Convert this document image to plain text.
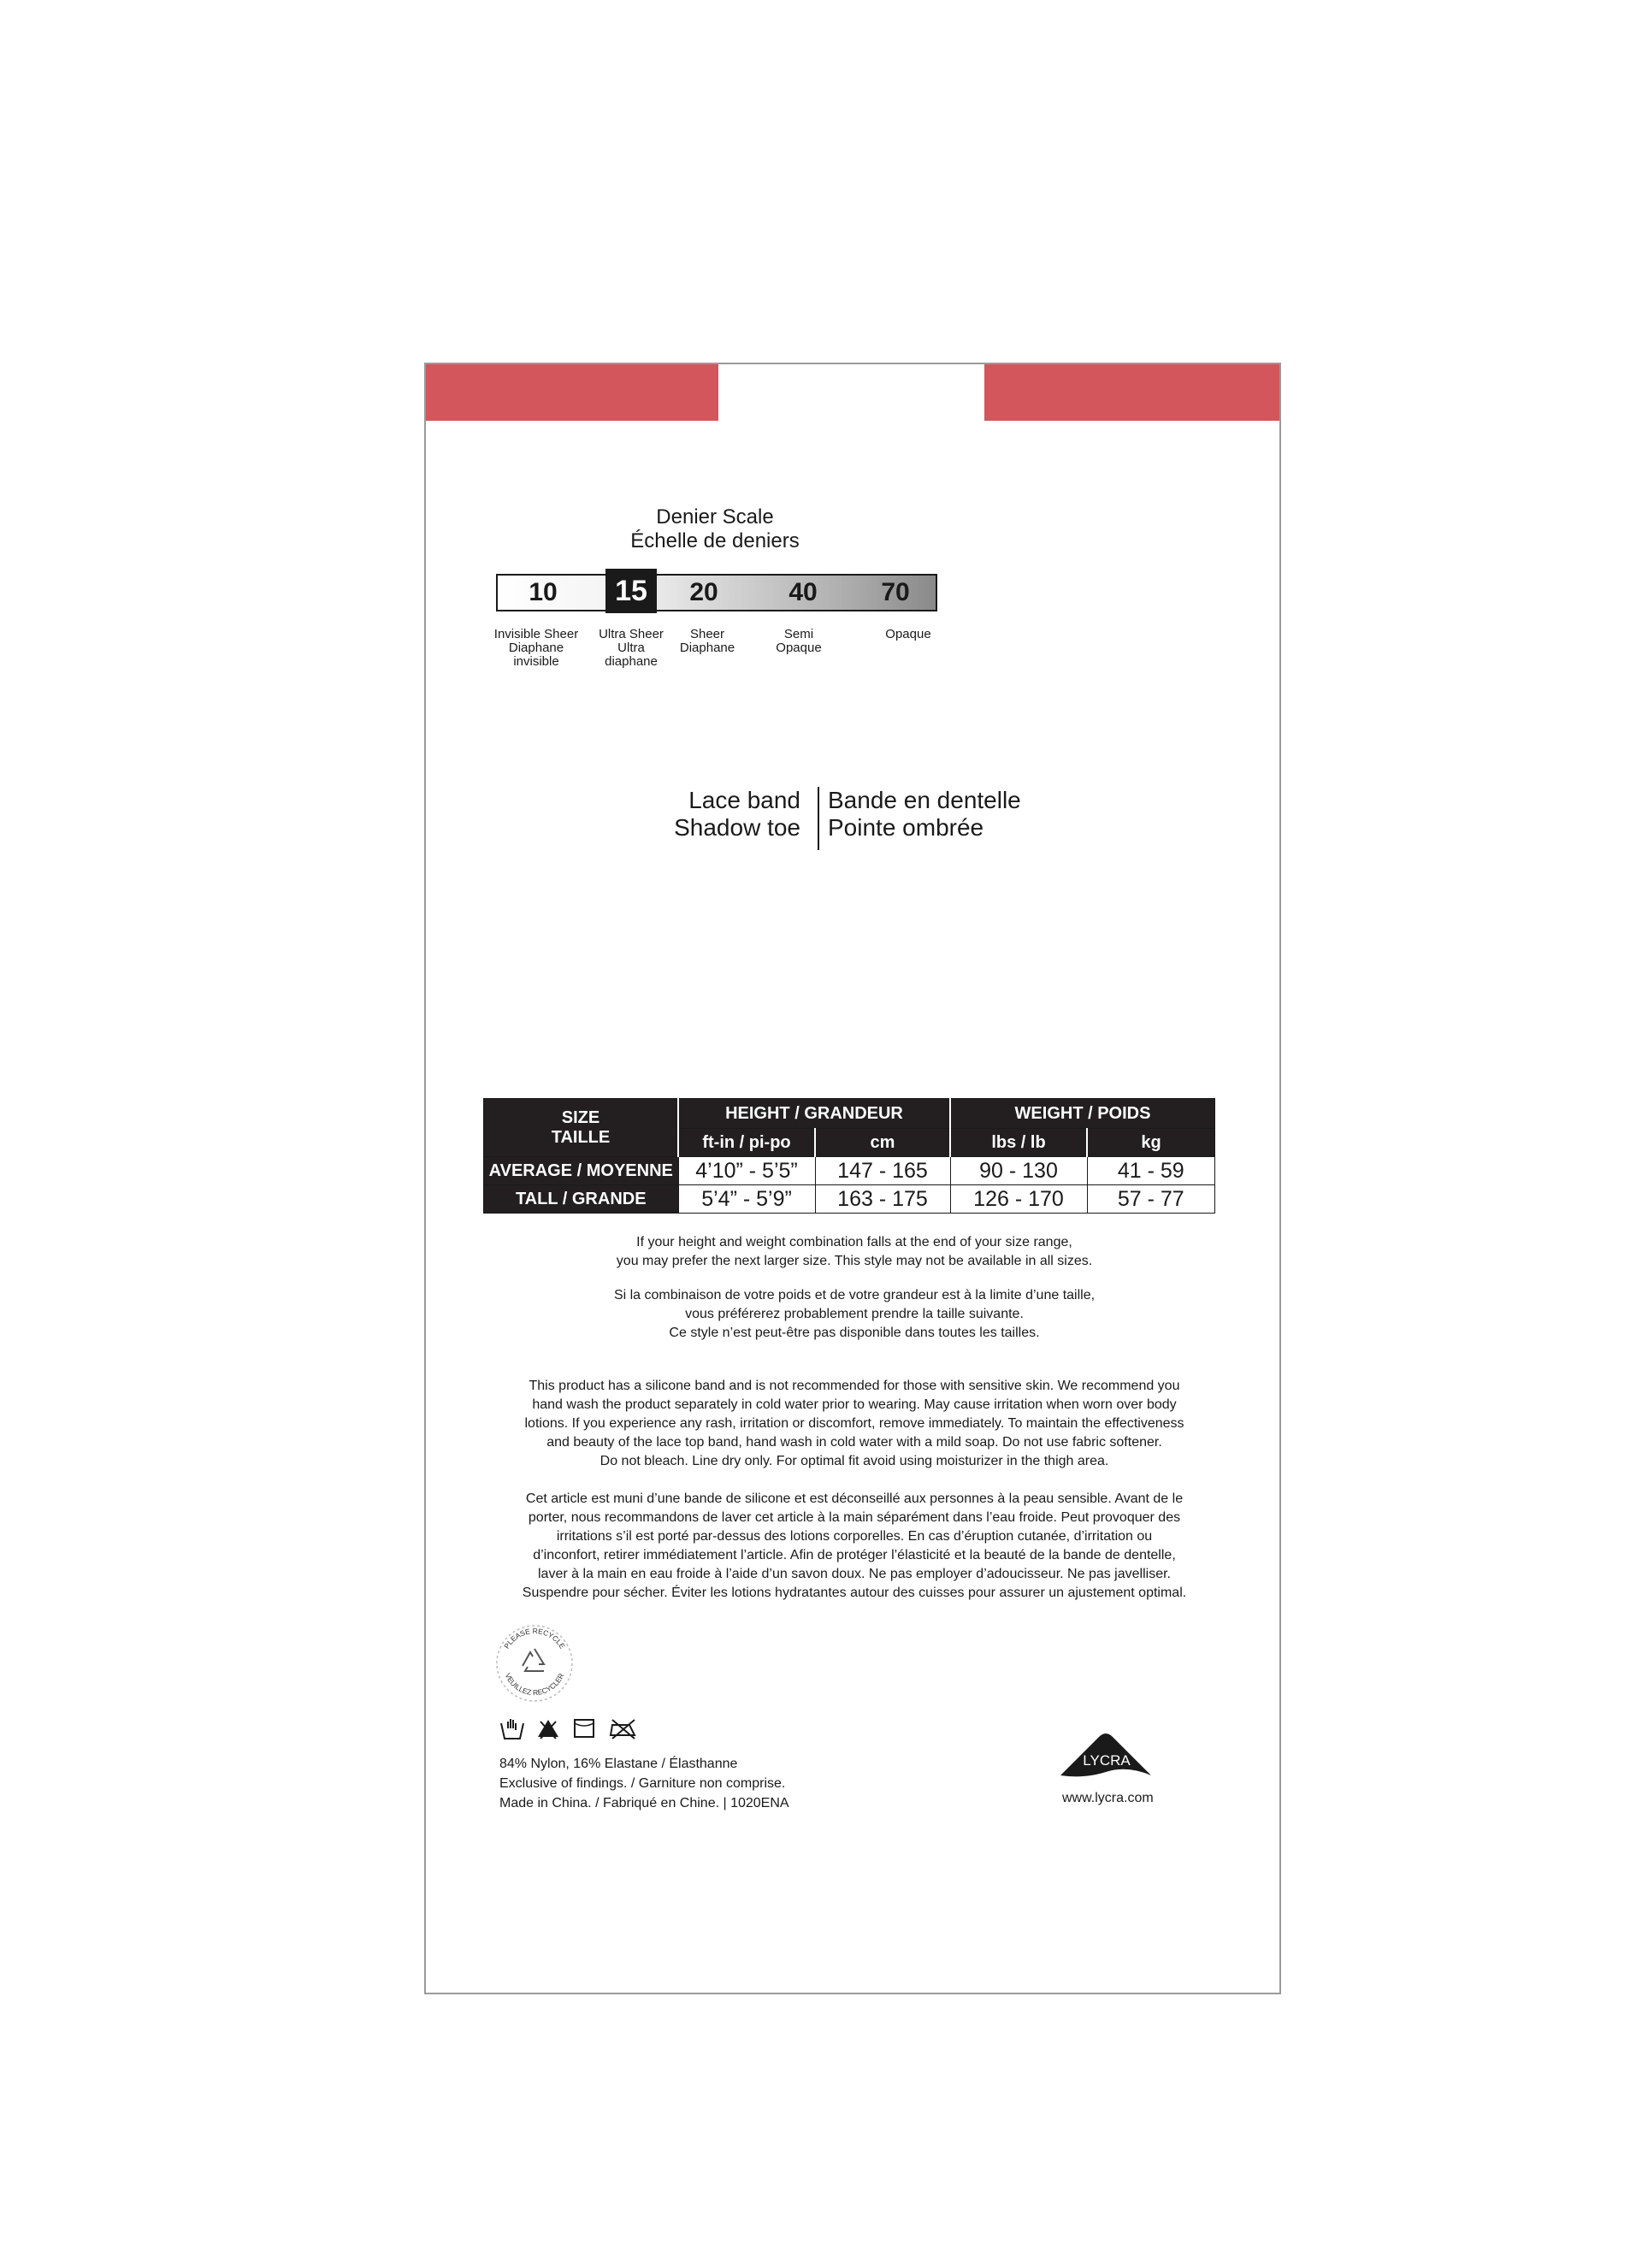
Denier Scale
Échelle de deniers
10	15	20	40	70
Invisible Sheer
Diaphane
invisible
Ultra Sheer
Ultra
diaphane
Sheer
Diaphane
Semi
Opaque
Opaque
Lace band
Shadow toe
Bande en dentelle
Pointe ombrée
SIZE
TAILLE	HEIGHT / GRANDEUR		WEIGHT / POIDS	
	ft-in / pi-po	cm	lbs / lb	kg
AVERAGE / MOYENNE	4’10” - 5’5”	147 - 165	90 - 130	41 - 59
TALL / GRANDE	5’4” - 5’9”	163 - 175	126 - 170	57 - 77
If your height and weight combination falls at the end of your size range,
you may prefer the next larger size. This style may not be available in all sizes.
Si la combinaison de votre poids et de votre grandeur est à la limite d’une taille,
vous préférerez probablement prendre la taille suivante.
Ce style n’est peut-être pas disponible dans toutes les tailles.
This product has a silicone band and is not recommended for those with sensitive skin. We recommend you
hand wash the product separately in cold water prior to wearing. May cause irritation when worn over body
lotions. If you experience any rash, irritation or discomfort, remove immediately. To maintain the effectiveness
and beauty of the lace top band, hand wash in cold water with a mild soap. Do not use fabric softener.
Do not bleach. Line dry only. For optimal fit avoid using moisturizer in the thigh area.
Cet article est muni d’une bande de silicone et est déconseillé aux personnes à la peau sensible. Avant de le
porter, nous recommandons de laver cet article à la main séparément dans l’eau froide. Peut provoquer des
irritations s’il est porté par-dessus des lotions corporelles. En cas d’éruption cutanée, d’irritation ou
d’inconfort, retirer immédiatement l’article. Afin de protéger l’élasticité et la beauté de la bande de dentelle,
laver à la main en eau froide à l’aide d’un savon doux. Ne pas employer d’adoucisseur. Ne pas javelliser.
Suspendre pour sécher. Éviter les lotions hydratantes autour des cuisses pour assurer un ajustement optimal.
PLEASE RECYCLE
VEUILLEZ RECYCLER
84% Nylon, 16% Elastane / Élasthanne
Exclusive of findings. / Garniture non comprise.
Made in China. / Fabriqué en Chine. | 1020ENA
LYCRA
www.lycra.com
